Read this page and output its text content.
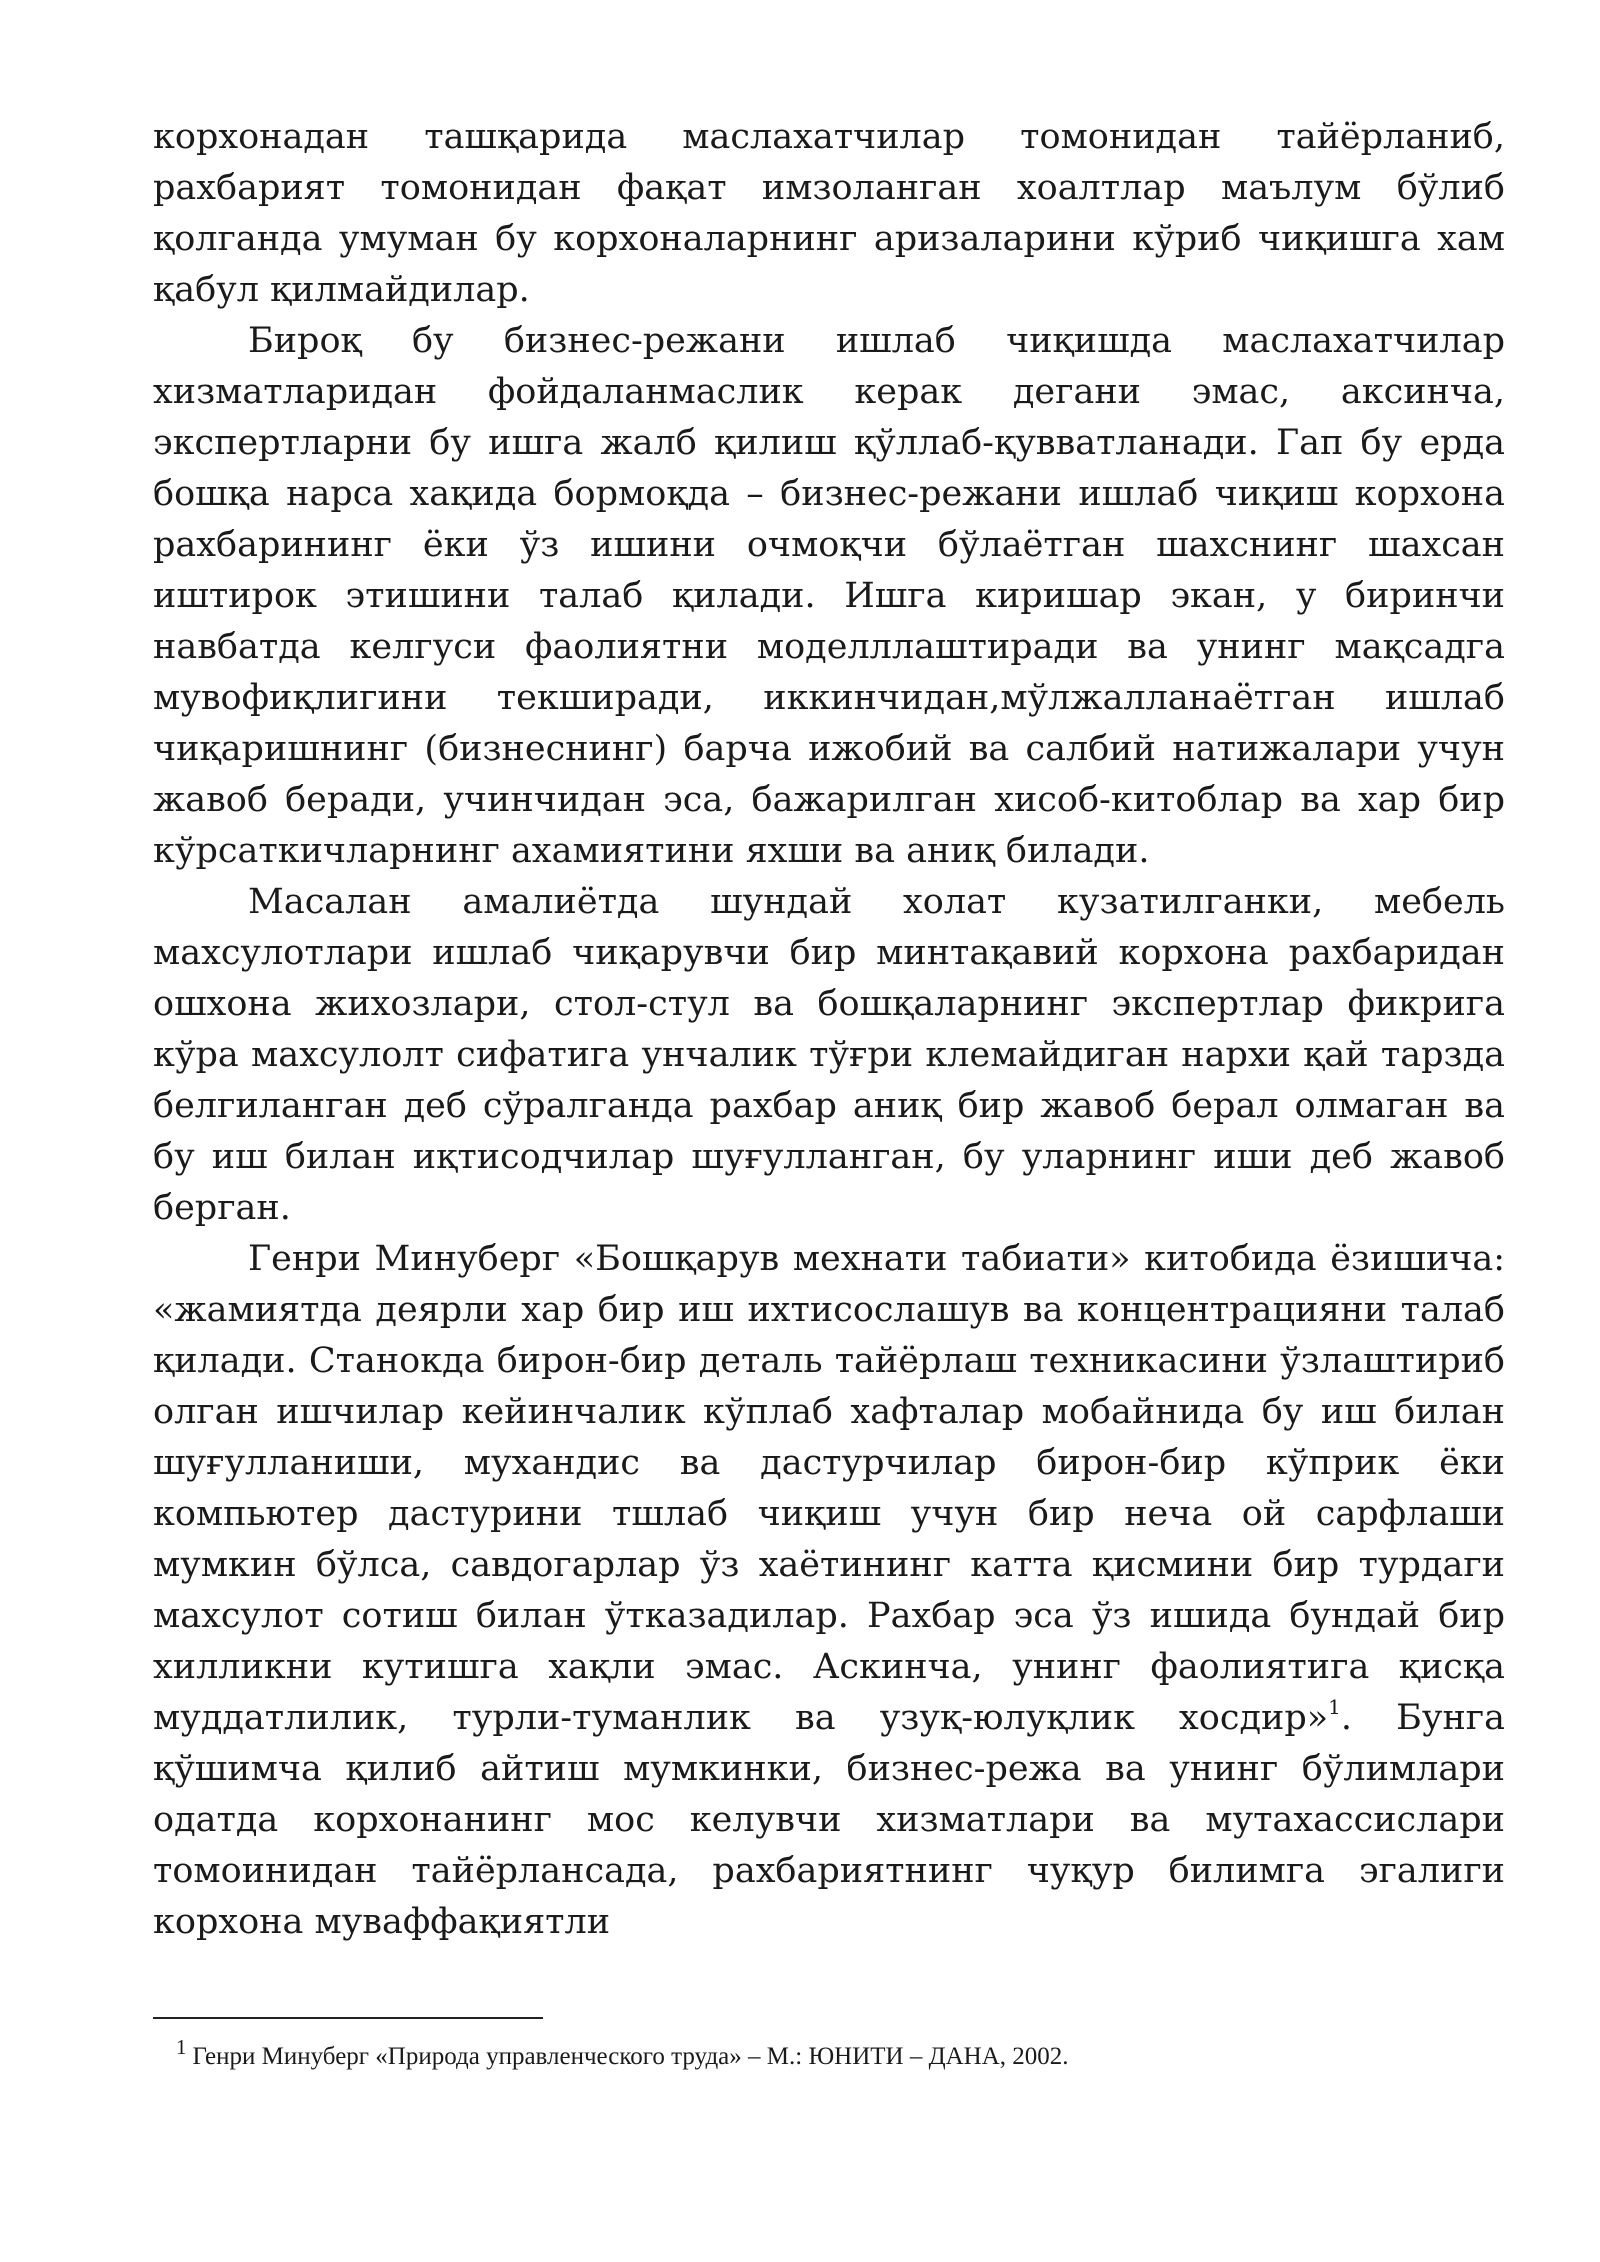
корхонадан ташқарида маслахатчилар томонидан тайёрланиб, рахбарият томонидан фақат имзоланган хоалтлар маълум бўлиб қолганда умуман бу корхоналарнинг аризаларини кўриб чиқишга хам қабул қилмайдилар.

Бироқ бу бизнес-режани ишлаб чиқишда маслахатчилар хизматларидан фойдаланмаслик керак дегани эмас, аксинча, экспертларни бу ишга жалб қилиш қўллаб-қувватланади. Гап бу ерда бошқа нарса хақида бормоқда – бизнес-режани ишлаб чиқиш корхона рахбарининг ёки ўз ишини очмоқчи бўлаётган шахснинг шахсан иштирок этишини талаб қилади. Ишга киришар экан, у биринчи навбатда келгуси фаолиятни моделллаштиради ва унинг мақсадга мувофиқлигини текширади, иккинчидан,мўлжалланаётган ишлаб чиқаришнинг (бизнеснинг) барча ижобий ва салбий натижалари учун жавоб беради, учинчидан эса, бажарилган хисоб-китоблар ва хар бир кўрсаткичларнинг ахамиятини яхши ва аниқ билади.

Масалан амалиётда шундай холат кузатилганки, мебель махсулотлари ишлаб чиқарувчи бир минтақавий корхона рахбаридан ошхона жихозлари, стол-стул ва бошқаларнинг экспертлар фикрига кўра махсулолт сифатига унчалик тўғри клемайдиган нархи қай тарзда белгиланган деб сўралганда рахбар аниқ бир жавоб берал олмаган ва бу иш билан иқтисодчилар шуғулланган, бу уларнинг иши деб жавоб берган.

Генри Минуберг «Бошқарув мехнати табиати» китобида ёзишича: «жамиятда деярли хар бир иш ихтисослашув ва концентрацияни талаб қилади. Станокда бирон-бир деталь тайёрлаш техникасини ўзлаштириб олган ишчилар кейинчалик кўплаб хафталар мобайнида бу иш билан шуғулланиши, мухандис ва дастурчилар бирон-бир кўприк ёки компьютер дастурини тшлаб чиқиш учун бир неча ой сарфлаши мумкин бўлса, савдогарлар ўз хаётининг катта қисмини бир турдаги махсулот сотиш билан ўтказадилар. Рахбар эса ўз ишида бундай бир хилликни кутишга хақли эмас. Аскинча, унинг фаолиятига қисқа муддатлилик, турли-туманлик ва узуқ-юлуқлик хосдир»$^1$. Бунга қўшимча қилиб айтиш мумкинки, бизнес-режа ва унинг бўлимлари одатда корхонанинг мос келувчи хизматлари ва мутахассислари томоинидан тайёрлансада, рахбариятнинг чуқур билимга эгалиги корхона муваффақиятли

$^1$ Генри Минуберг «Природа управленческого труда» – М.: ЮНИТИ – ДАНА, 2002.
